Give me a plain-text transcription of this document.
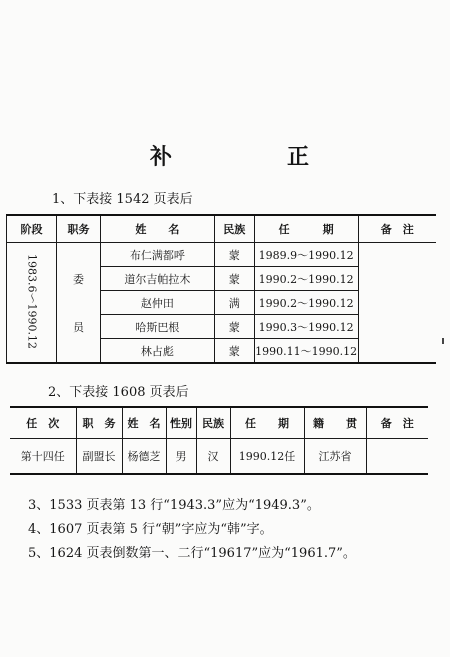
补	正
1、下表接 1542 页表后
阶段	职务	姓　　名	民族	任　　　期	备　注
1983.6～1990.12	委	布仁满都呼	蒙	1989.9～1990.12	
		道尔吉帕拉木	蒙	1990.2～1990.12	
		赵仲田	满	1990.2～1990.12	
	员	哈斯巴根	蒙	1990.3～1990.12	
		林占彪	蒙	1990.11～1990.12	
2、下表接 1608 页表后
任　次	职　务	姓　名	性别	民族	任　　期	籍　　贯	备　注
第十四任	副盟长	杨德芝	男	汉	1990.12任	江苏省	
3、1533 页表第 13 行“1943.3”应为“1949.3”。
4、1607 页表第 5 行“朝”字应为“韩”字。
5、1624 页表倒数第一、二行“19617”应为“1961.7”。
